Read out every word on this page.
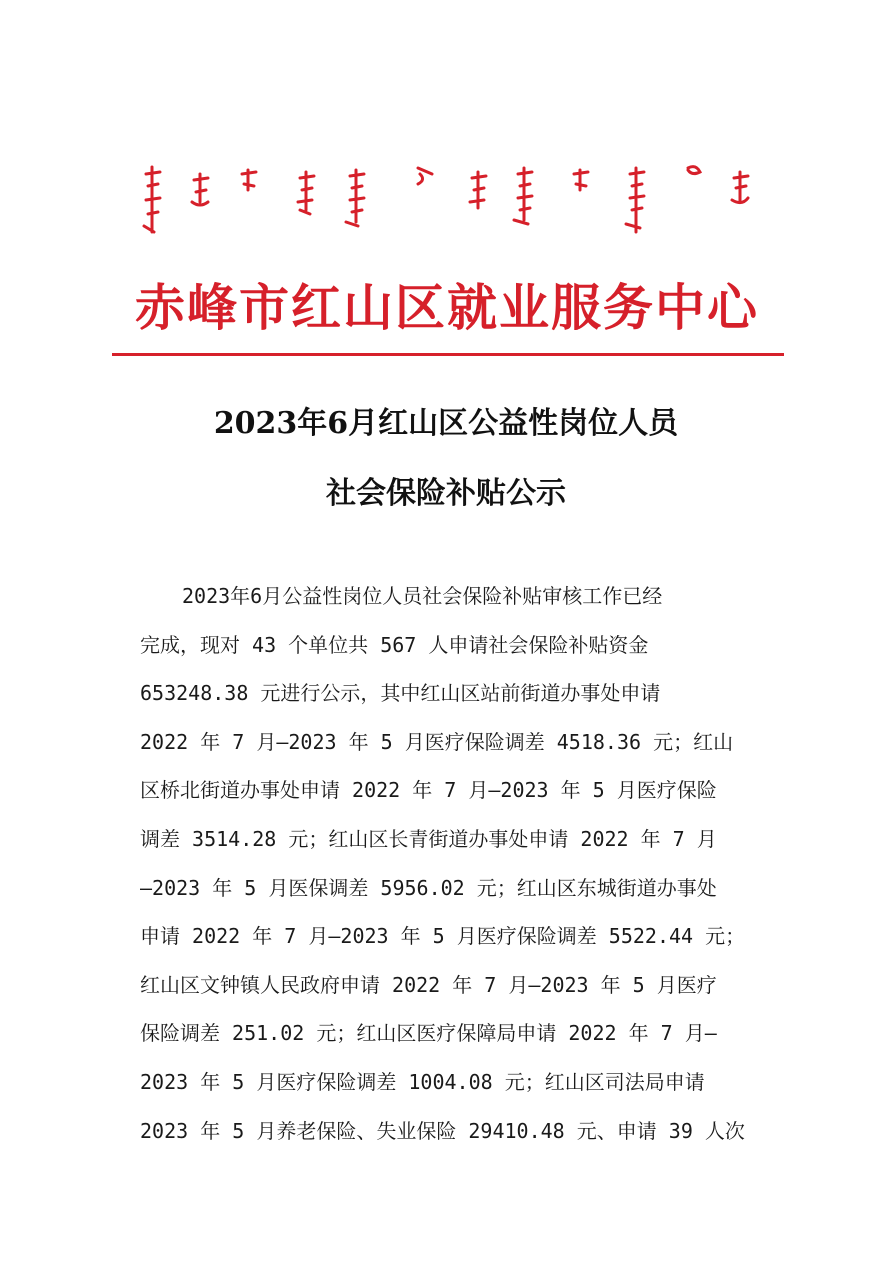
赤峰市红山区就业服务中心
2023年6月红山区公益性岗位人员
社会保险补贴公示
2023年6月公益性岗位人员社会保险补贴审核工作已经
完成，现对 43 个单位共 567 人申请社会保险补贴资金
653248.38 元进行公示，其中红山区站前街道办事处申请
2022 年 7 月—2023 年 5 月医疗保险调差 4518.36 元；红山
区桥北街道办事处申请 2022 年 7 月—2023 年 5 月医疗保险
调差 3514.28 元；红山区长青街道办事处申请 2022 年 7 月
—2023 年 5 月医保调差 5956.02 元；红山区东城街道办事处
申请 2022 年 7 月—2023 年 5 月医疗保险调差 5522.44 元；
红山区文钟镇人民政府申请 2022 年 7 月—2023 年 5 月医疗
保险调差 251.02 元；红山区医疗保障局申请 2022 年 7 月—
2023 年 5 月医疗保险调差 1004.08 元；红山区司法局申请
2023 年 5 月养老保险、失业保险 29410.48 元、申请 39 人次
